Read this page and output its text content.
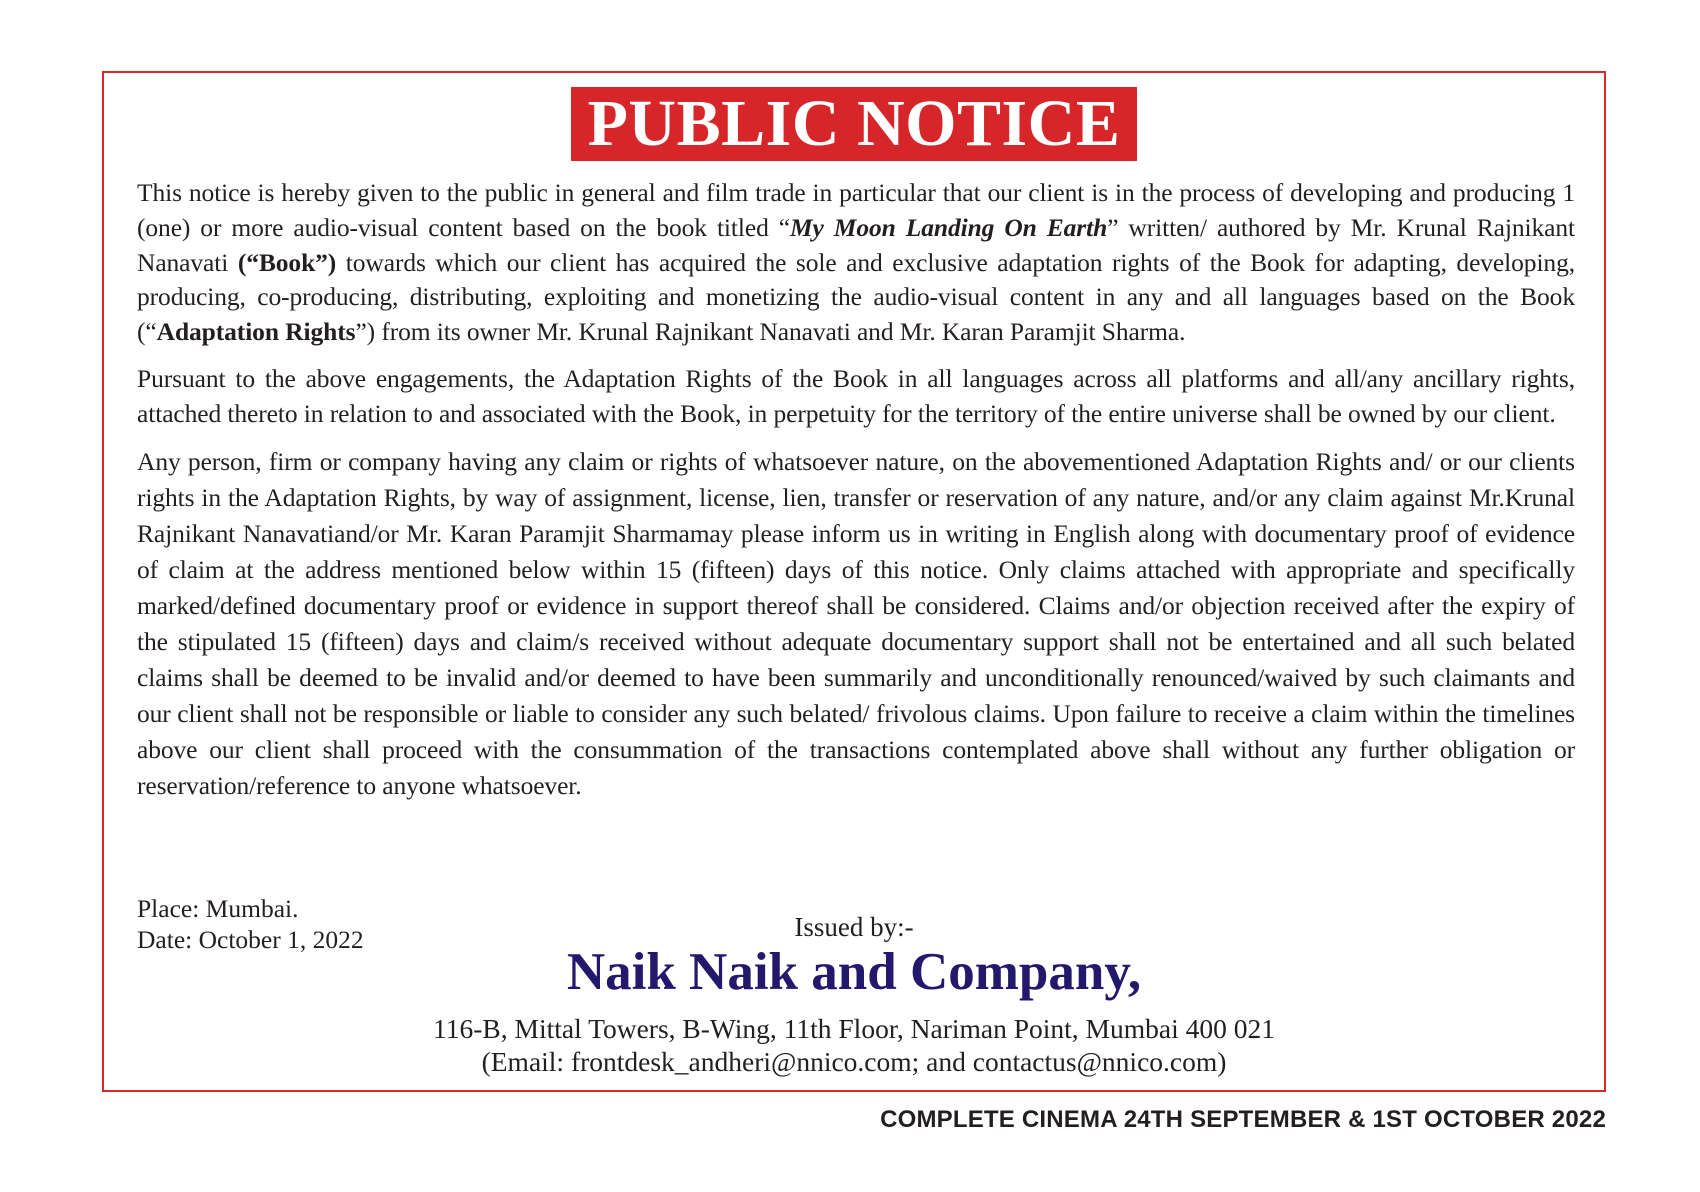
PUBLIC NOTICE

This notice is hereby given to the public in general and film trade in particular that our client is in the process of developing and producing 1 (one) or more audio-visual content based on the book titled “My Moon Landing On Earth” written/ authored by Mr. Krunal Rajnikant Nanavati (“Book”) towards which our client has acquired the sole and exclusive adaptation rights of the Book for adapting, developing, producing, co-producing, distributing, exploiting and monetizing the audio-visual content in any and all languages based on the Book (“Adaptation Rights”) from its owner Mr. Krunal Rajnikant Nanavati and Mr. Karan Paramjit Sharma.

Pursuant to the above engagements, the Adaptation Rights of the Book in all languages across all platforms and all/any ancillary rights, attached thereto in relation to and associated with the Book, in perpetuity for the territory of the entire universe shall be owned by our client.

Any person, firm or company having any claim or rights of whatsoever nature, on the abovementioned Adaptation Rights and/ or our clients rights in the Adaptation Rights, by way of assignment, license, lien, transfer or reservation of any nature, and/or any claim against Mr.Krunal Rajnikant Nanavatiand/or Mr. Karan Paramjit Sharmamay please inform us in writing in English along with documentary proof of evidence of claim at the address mentioned below within 15 (fifteen) days of this notice. Only claims attached with appropriate and specifically marked/defined documentary proof or evidence in support thereof shall be considered. Claims and/or objection received after the expiry of the stipulated 15 (fifteen) days and claim/s received without adequate documentary support shall not be entertained and all such belated claims shall be deemed to be invalid and/or deemed to have been summarily and unconditionally renounced/waived by such claimants and our client shall not be responsible or liable to consider any such belated/ frivolous claims. Upon failure to receive a claim within the timelines above our client shall proceed with the consummation of the transactions contemplated above shall without any further obligation or reservation/reference to anyone whatsoever.

Place: Mumbai.
Date: October 1, 2022	Issued by:-
Naik Naik and Company,
116-B, Mittal Towers, B-Wing, 11th Floor, Nariman Point, Mumbai 400 021
(Email: frontdesk_andheri@nnico.com; and contactus@nnico.com)
COMPLETE CINEMA 24TH SEPTEMBER & 1ST OCTOBER 2022
